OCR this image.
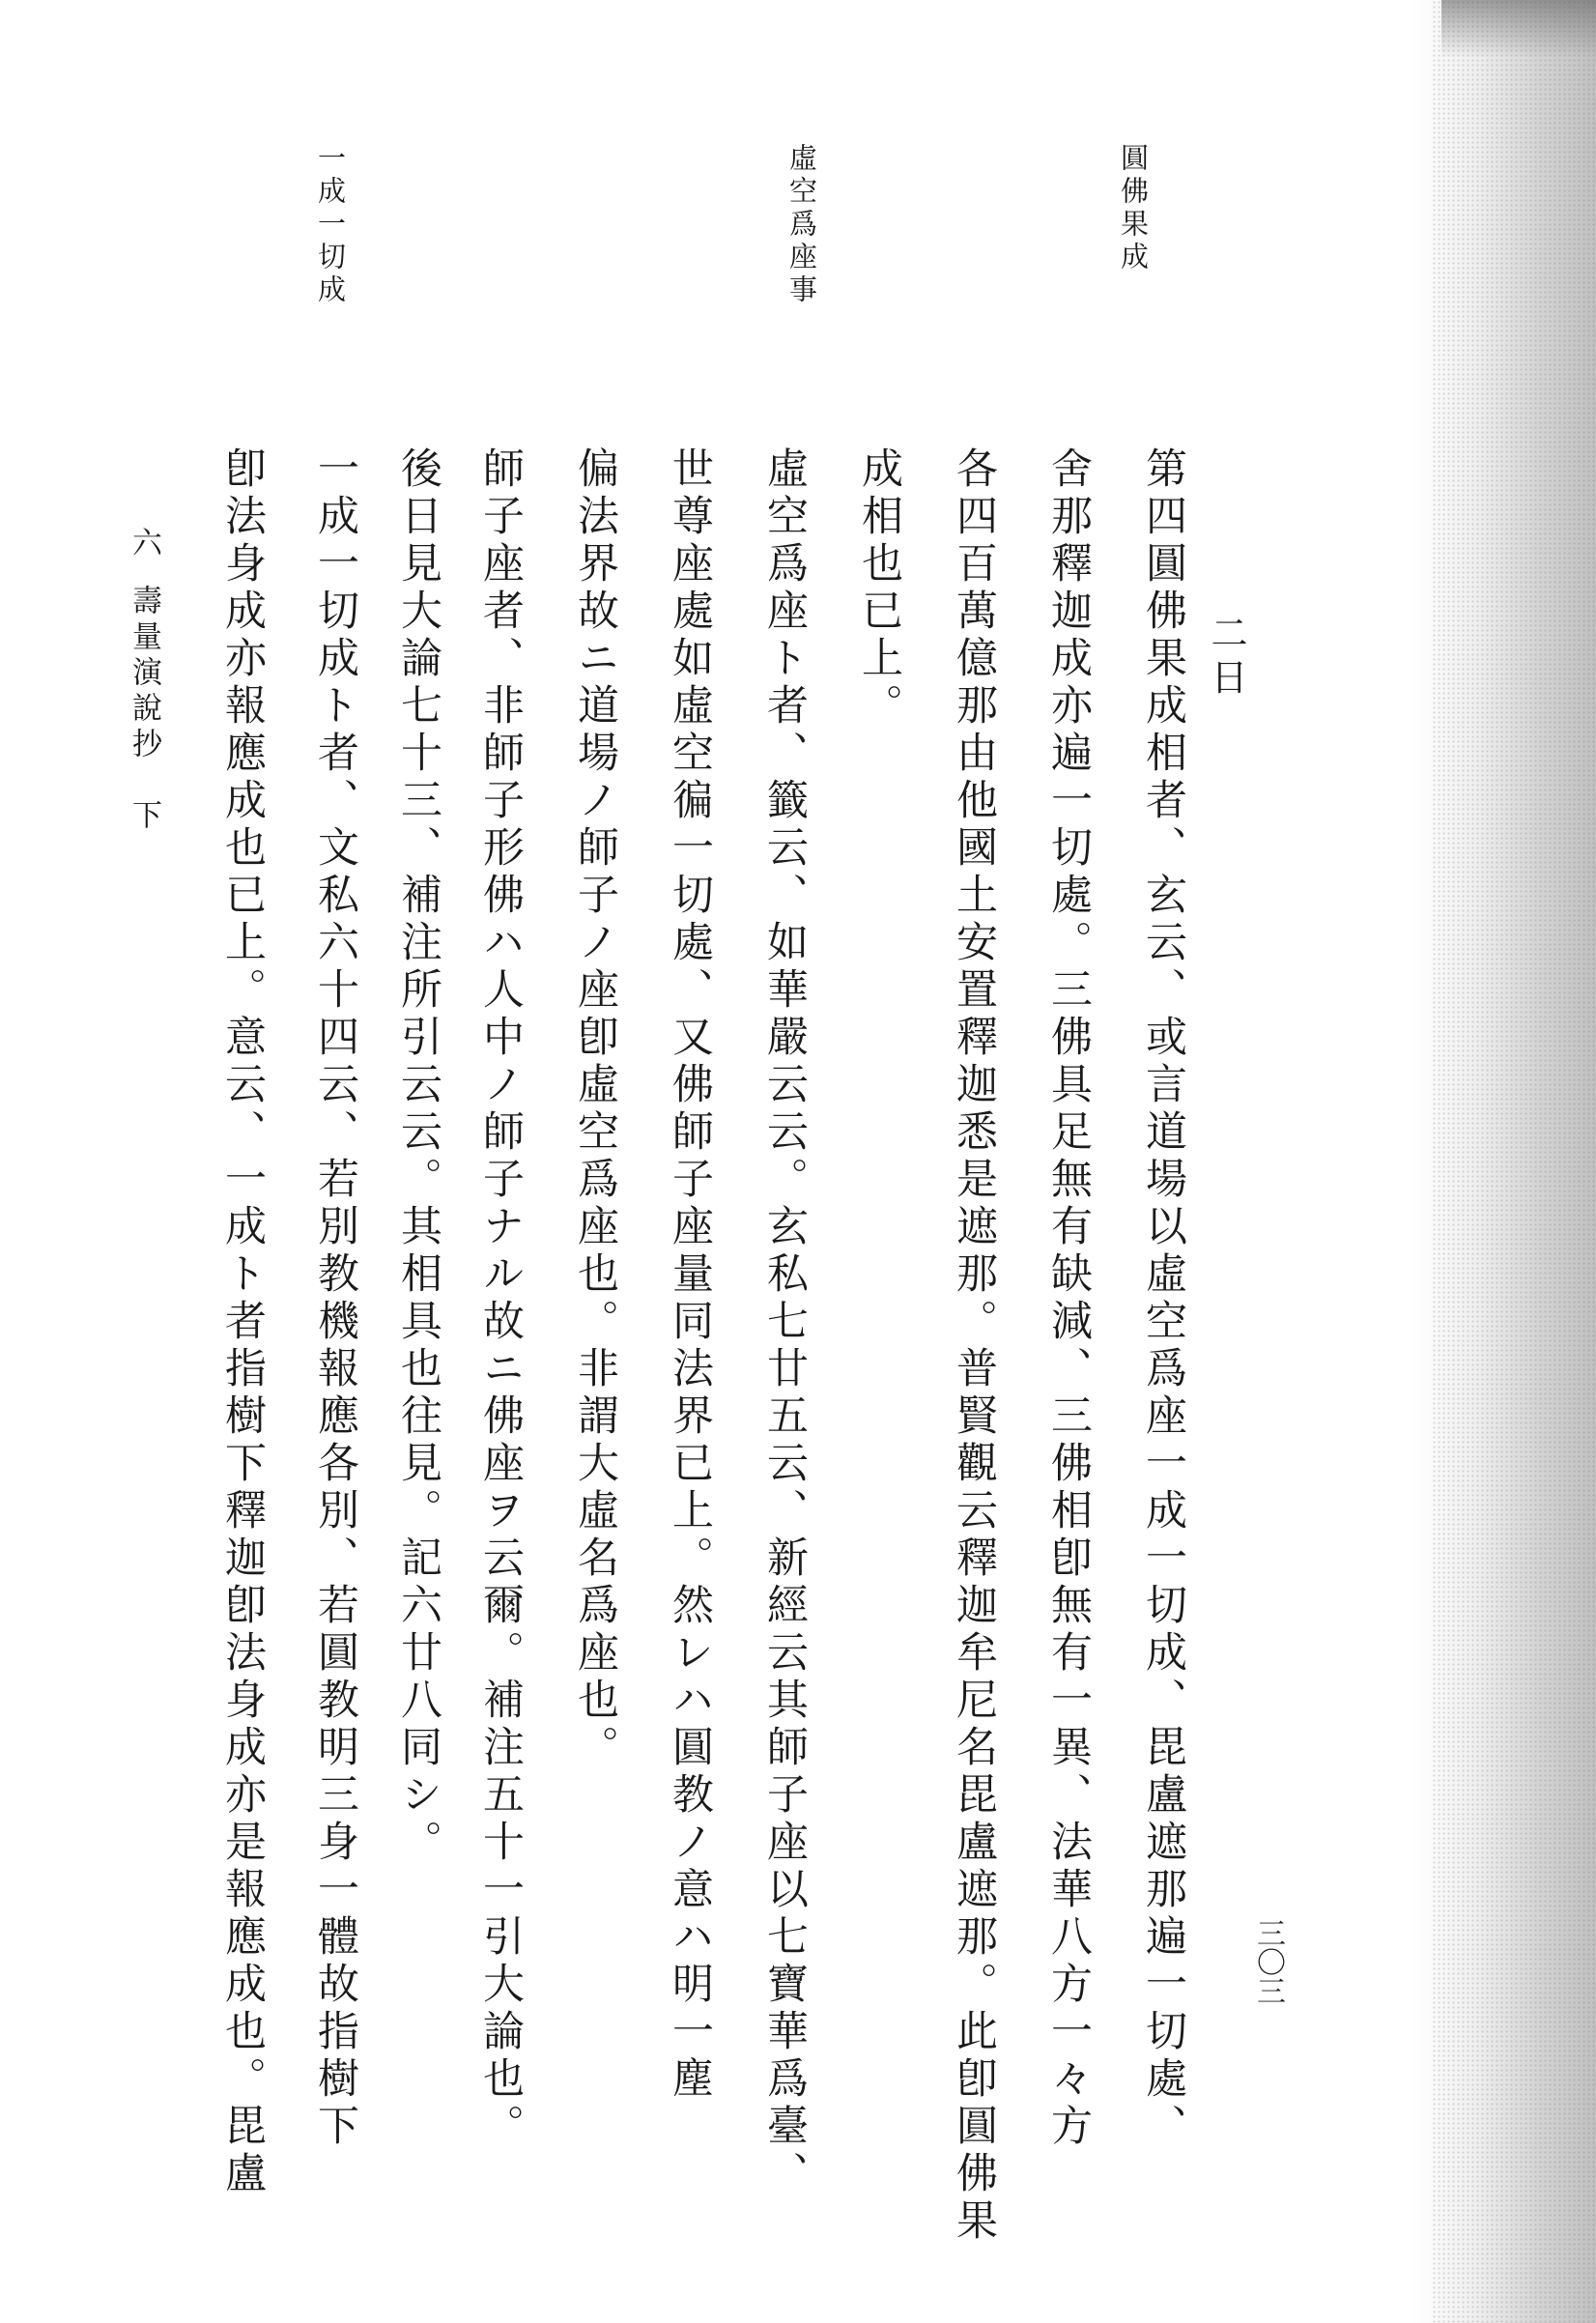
二日
圓佛果成
虛空爲座事
一成一切成
第四圓佛果成相者、玄云、或言道場以虛空爲座一成一切成、毘盧遮那遍一切處、
舍那釋迦成亦遍一切處。三佛具足無有缺減、三佛相卽無有一異、法華八方一々方
各四百萬億那由他國土安置釋迦悉是遮那。普賢觀云釋迦牟尼名毘盧遮那。此卽圓佛果
成相也已上。
虛空爲座ト者、籤云、如華嚴云云。玄私七廿五云、新經云其師子座以七寶華爲臺、
世尊座處如虛空徧一切處、又佛師子座量同法界已上。然レハ圓教ノ意ハ明一塵
偏法界故ニ道場ノ師子ノ座卽虛空爲座也。非謂大虛名爲座也。
師子座者、非師子形佛ハ人中ノ師子ナル故ニ佛座ヲ云爾。補注五十一引大論也。
後日見大論七十三、補注所引云云。其相具也往見。記六廿八同シ。
一成一切成ト者、文私六十四云、若別教機報應各別、若圓教明三身一體故指樹下
卽法身成亦報應成也已上。意云、一成ト者指樹下釋迦卽法身成亦是報應成也。毘盧
六
壽量演說抄　下
三〇三
